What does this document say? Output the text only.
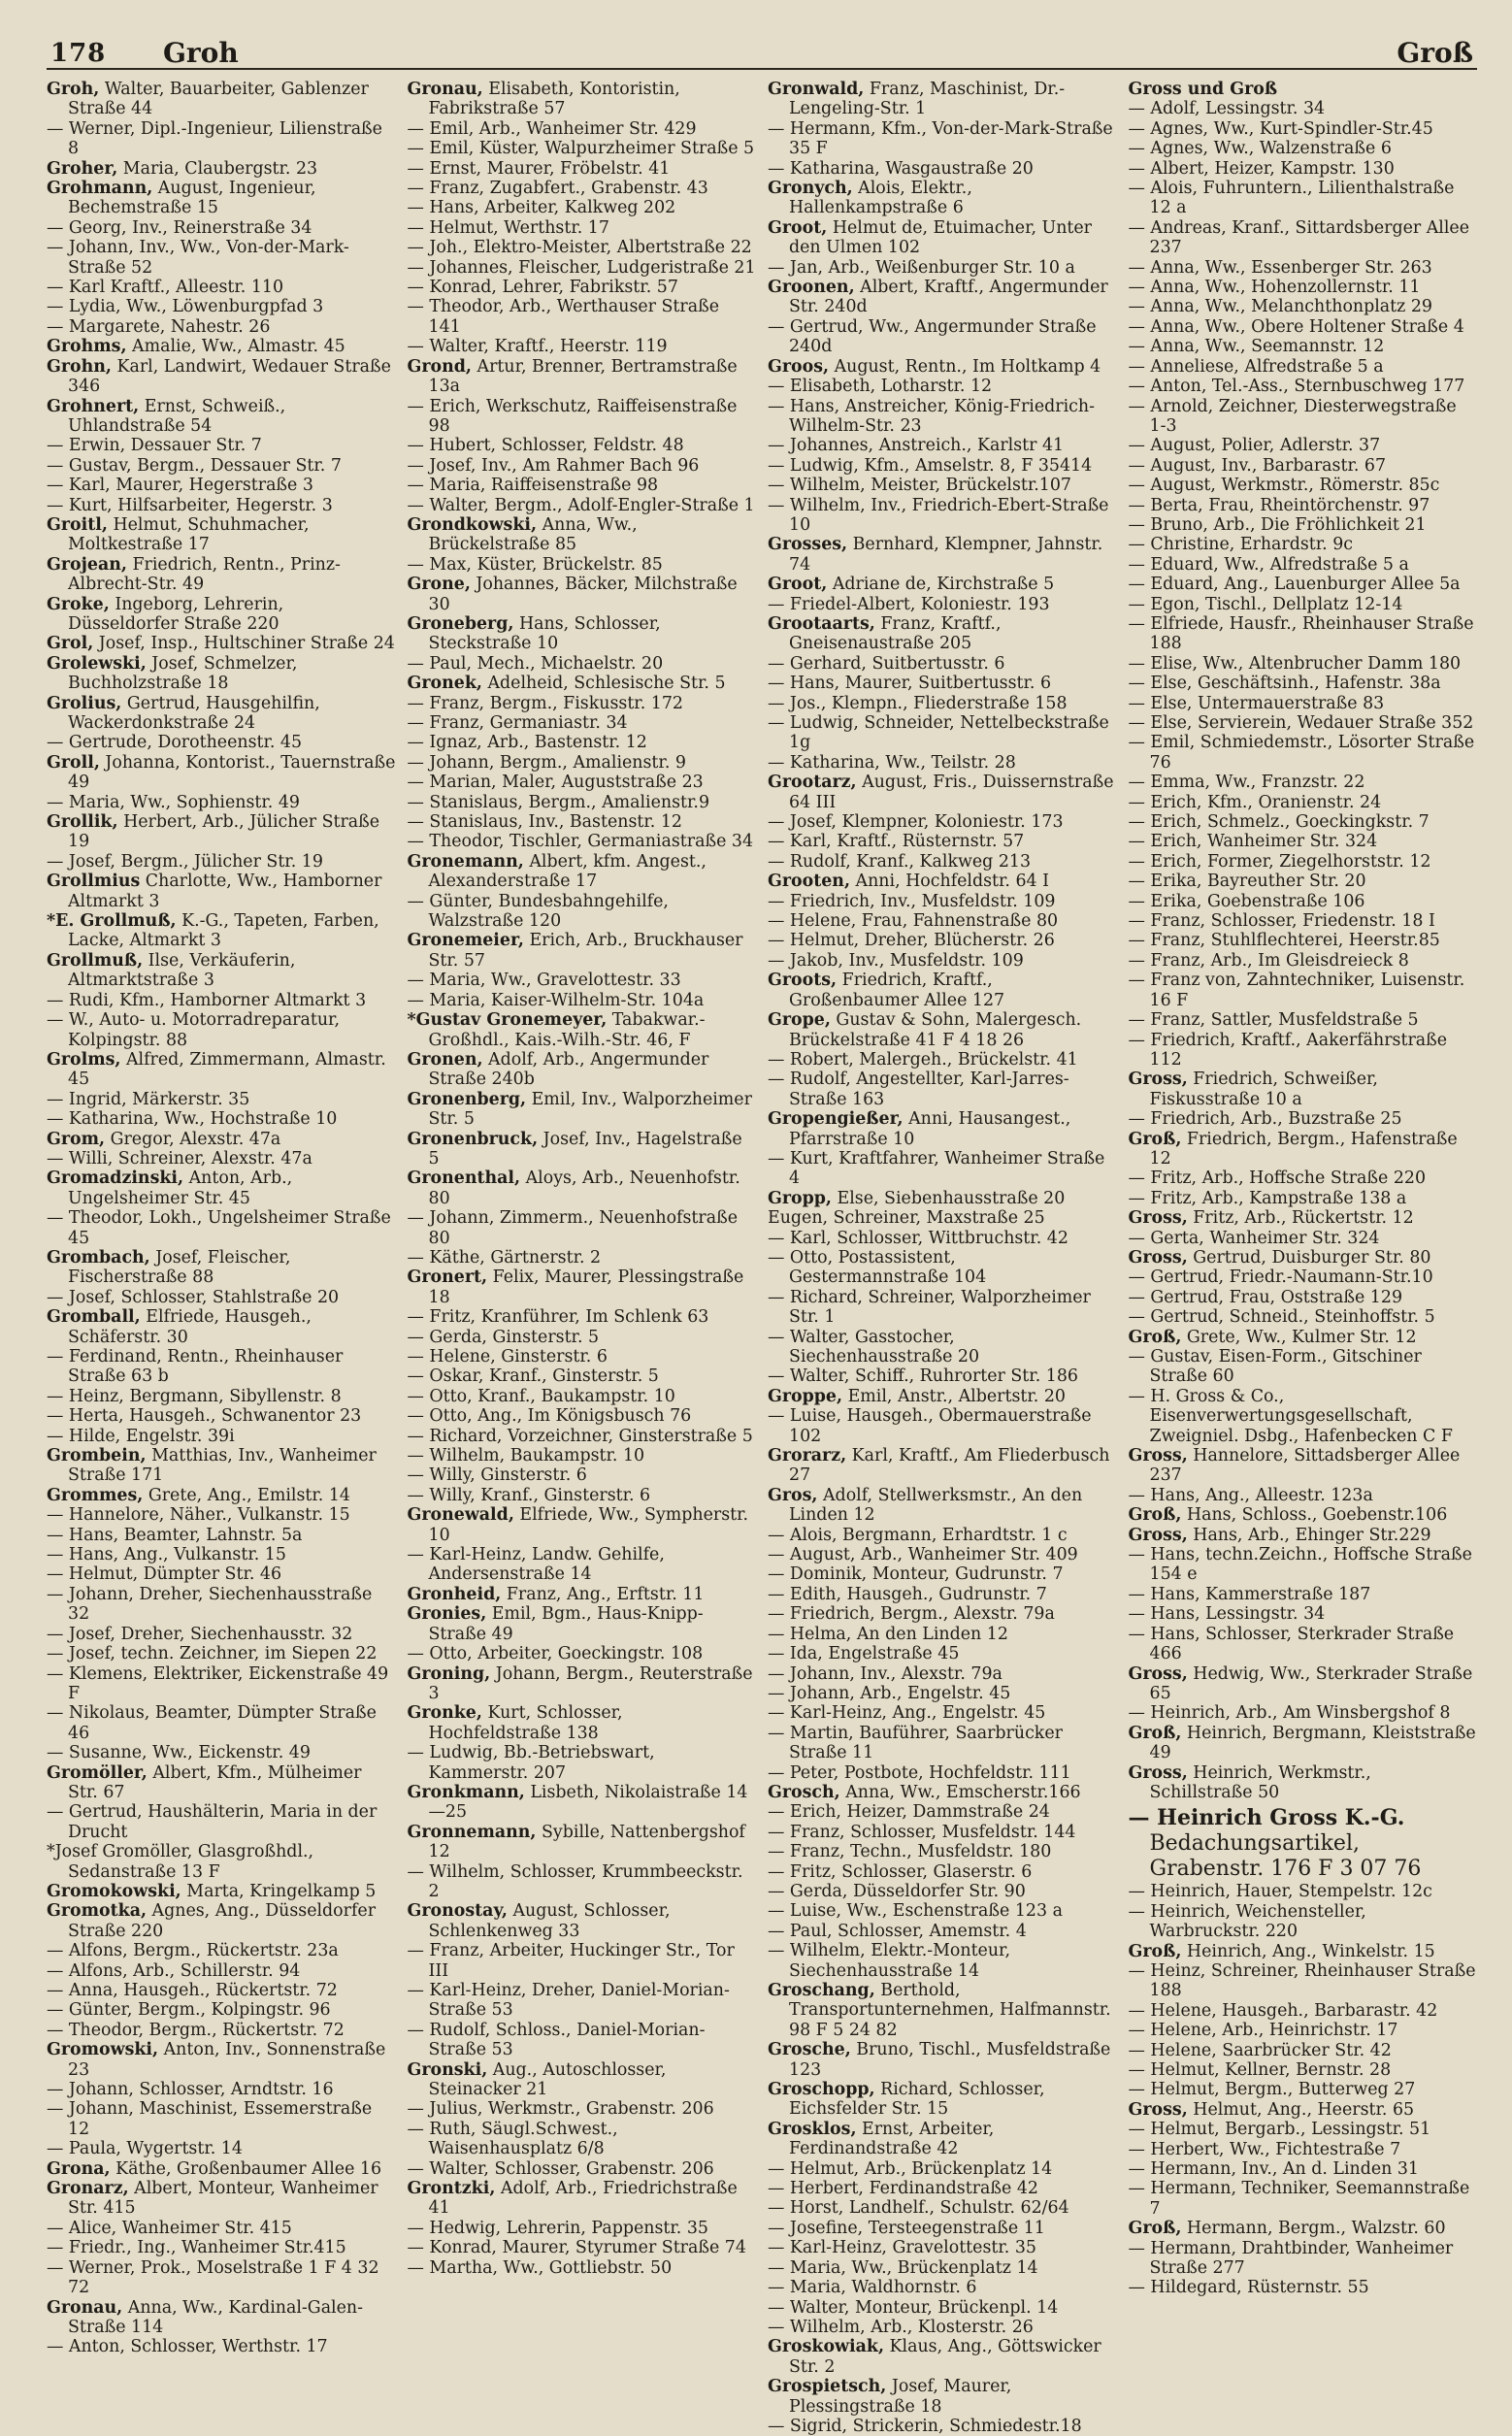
178 Groh	Groß
Groh, Walter, Bauarbeiter, Gablenzer Straße 44
— Werner, Dipl.-Ingenieur, Lilienstraße 8
Groher, Maria, Claubergstr. 23
Grohmann, August, Ingenieur, Bechemstraße 15
— Georg, Inv., Reinerstraße 34
— Johann, Inv., Ww., Von-der-Mark-Straße 52
— Karl Kraftf., Alleestr. 110
— Lydia, Ww., Löwenburgpfad 3
— Margarete, Nahestr. 26
Grohms, Amalie, Ww., Almastr. 45
Grohn, Karl, Landwirt, Wedauer Straße 346
Grohnert, Ernst, Schweiß., Uhlandstraße 54
— Erwin, Dessauer Str. 7
— Gustav, Bergm., Dessauer Str. 7
— Karl, Maurer, Hegerstraße 3
— Kurt, Hilfsarbeiter, Hegerstr. 3
Groitl, Helmut, Schuhmacher, Moltkestraße 17
Grojean, Friedrich, Rentn., Prinz-Albrecht-Str. 49
Groke, Ingeborg, Lehrerin, Düsseldorfer Straße 220
Grol, Josef, Insp., Hultschiner Straße 24
Grolewski, Josef, Schmelzer, Buchholzstraße 18
Grolius, Gertrud, Hausgehilfin, Wackerdonkstraße 24
— Gertrude, Dorotheenstr. 45
Groll, Johanna, Kontorist., Tauernstraße 49
— Maria, Ww., Sophienstr. 49
Grollik, Herbert, Arb., Jülicher Straße 19
— Josef, Bergm., Jülicher Str. 19
Grollmius Charlotte, Ww., Hamborner Altmarkt 3
*E. Grollmuß, K.-G., Tapeten, Farben, Lacke, Altmarkt 3
Grollmuß, Ilse, Verkäuferin, Altmarktstraße 3
— Rudi, Kfm., Hamborner Altmarkt 3
— W., Auto- u. Motorradreparatur, Kolpingstr. 88
Grolms, Alfred, Zimmermann, Almastr. 45
— Ingrid, Märkerstr. 35
— Katharina, Ww., Hochstraße 10
Grom, Gregor, Alexstr. 47a
— Willi, Schreiner, Alexstr. 47a
Gromadzinski, Anton, Arb., Ungelsheimer Str. 45
— Theodor, Lokh., Ungelsheimer Straße 45
Grombach, Josef, Fleischer, Fischerstraße 88
— Josef, Schlosser, Stahlstraße 20
Gromball, Elfriede, Hausgeh., Schäferstr. 30
— Ferdinand, Rentn., Rheinhauser Straße 63 b
— Heinz, Bergmann, Sibyllenstr. 8
— Herta, Hausgeh., Schwanentor 23
— Hilde, Engelstr. 39i
Grombein, Matthias, Inv., Wanheimer Straße 171
Grommes, Grete, Ang., Emilstr. 14
— Hannelore, Näher., Vulkanstr. 15
— Hans, Beamter, Lahnstr. 5a
— Hans, Ang., Vulkanstr. 15
— Helmut, Dümpter Str. 46
— Johann, Dreher, Siechenhausstraße 32
— Josef, Dreher, Siechenhausstr. 32
— Josef, techn. Zeichner, im Siepen 22
— Klemens, Elektriker, Eickenstraße 49 F
— Nikolaus, Beamter, Dümpter Straße 46
— Susanne, Ww., Eickenstr. 49
Gromöller, Albert, Kfm., Mülheimer Str. 67
— Gertrud, Haushälterin, Maria in der Drucht
*Josef Gromöller, Glasgroßhdl., Sedanstraße 13 F
Gromokowski, Marta, Kringelkamp 5
Gromotka, Agnes, Ang., Düsseldorfer Straße 220
— Alfons, Bergm., Rückertstr. 23a
— Alfons, Arb., Schillerstr. 94
— Anna, Hausgeh., Rückertstr. 72
— Günter, Bergm., Kolpingstr. 96
— Theodor, Bergm., Rückertstr. 72
Gromowski, Anton, Inv., Sonnenstraße 23
— Johann, Schlosser, Arndtstr. 16
— Johann, Maschinist, Essemerstraße 12
— Paula, Wygertstr. 14
Grona, Käthe, Großenbaumer Allee 16
Gronarz, Albert, Monteur, Wanheimer Str. 415
— Alice, Wanheimer Str. 415
— Friedr., Ing., Wanheimer Str.415
— Werner, Prok., Moselstraße 1 F 4 32 72
Gronau, Anna, Ww., Kardinal-Galen-Straße 114
— Anton, Schlosser, Werthstr. 17
Gronau, Elisabeth, Kontoristin, Fabrikstraße 57
— Emil, Arb., Wanheimer Str. 429
— Emil, Küster, Walpurzheimer Straße 5
— Ernst, Maurer, Fröbelstr. 41
— Franz, Zugabfert., Grabenstr. 43
— Hans, Arbeiter, Kalkweg 202
— Helmut, Werthstr. 17
— Joh., Elektro-Meister, Albertstraße 22
— Johannes, Fleischer, Ludgeristraße 21
— Konrad, Lehrer, Fabrikstr. 57
— Theodor, Arb., Werthauser Straße 141
— Walter, Kraftf., Heerstr. 119
Grond, Artur, Brenner, Bertramstraße 13a
— Erich, Werkschutz, Raiffeisenstraße 98
— Hubert, Schlosser, Feldstr. 48
— Josef, Inv., Am Rahmer Bach 96
— Maria, Raiffeisenstraße 98
— Walter, Bergm., Adolf-Engler-Straße 1
Grondkowski, Anna, Ww., Brückelstraße 85
— Max, Küster, Brückelstr. 85
Grone, Johannes, Bäcker, Milchstraße 30
Groneberg, Hans, Schlosser, Steckstraße 10
— Paul, Mech., Michaelstr. 20
Gronek, Adelheid, Schlesische Str. 5
— Franz, Bergm., Fiskusstr. 172
— Franz, Germaniastr. 34
— Ignaz, Arb., Bastenstr. 12
— Johann, Bergm., Amalienstr. 9
— Marian, Maler, Auguststraße 23
— Stanislaus, Bergm., Amalienstr.9
— Stanislaus, Inv., Bastenstr. 12
— Theodor, Tischler, Germaniastraße 34
Gronemann, Albert, kfm. Angest., Alexanderstraße 17
— Günter, Bundesbahngehilfe, Walzstraße 120
Gronemeier, Erich, Arb., Bruckhauser Str. 57
— Maria, Ww., Gravelottestr. 33
— Maria, Kaiser-Wilhelm-Str. 104a
*Gustav Gronemeyer, Tabakwar.-Großhdl., Kais.-Wilh.-Str. 46, F
Gronen, Adolf, Arb., Angermunder Straße 240b
Gronenberg, Emil, Inv., Walporzheimer Str. 5
Gronenbruck, Josef, Inv., Hagelstraße 5
Gronenthal, Aloys, Arb., Neuenhofstr. 80
— Johann, Zimmerm., Neuenhofstraße 80
— Käthe, Gärtnerstr. 2
Gronert, Felix, Maurer, Plessingstraße 18
— Fritz, Kranführer, Im Schlenk 63
— Gerda, Ginsterstr. 5
— Helene, Ginsterstr. 6
— Oskar, Kranf., Ginsterstr. 5
— Otto, Kranf., Baukampstr. 10
— Otto, Ang., Im Königsbusch 76
— Richard, Vorzeichner, Ginsterstraße 5
— Wilhelm, Baukampstr. 10
— Willy, Ginsterstr. 6
— Willy, Kranf., Ginsterstr. 6
Gronewald, Elfriede, Ww., Sympherstr. 10
— Karl-Heinz, Landw. Gehilfe, Andersenstraße 14
Gronheid, Franz, Ang., Erftstr. 11
Gronies, Emil, Bgm., Haus-Knipp-Straße 49
— Otto, Arbeiter, Goeckingstr. 108
Groning, Johann, Bergm., Reuterstraße 3
Gronke, Kurt, Schlosser, Hochfeldstraße 138
— Ludwig, Bb.-Betriebswart, Kammerstr. 207
Gronkmann, Lisbeth, Nikolaistraße 14—25
Gronnemann, Sybille, Nattenbergshof 12
— Wilhelm, Schlosser, Krummbeeckstr. 2
Gronostay, August, Schlosser, Schlenkenweg 33
— Franz, Arbeiter, Huckinger Str., Tor III
— Karl-Heinz, Dreher, Daniel-Morian-Straße 53
— Rudolf, Schloss., Daniel-Morian-Straße 53
Gronski, Aug., Autoschlosser, Steinacker 21
— Julius, Werkmstr., Grabenstr. 206
— Ruth, Säugl.Schwest., Waisenhausplatz 6/8
— Walter, Schlosser, Grabenstr. 206
Grontzki, Adolf, Arb., Friedrichstraße 41
— Hedwig, Lehrerin, Pappenstr. 35
— Konrad, Maurer, Styrumer Straße 74
— Martha, Ww., Gottliebstr. 50
Gronwald, Franz, Maschinist, Dr.-Lengeling-Str. 1
— Hermann, Kfm., Von-der-Mark-Straße 35 F
— Katharina, Wasgaustraße 20
Gronych, Alois, Elektr., Hallenkampstraße 6
Groot, Helmut de, Etuimacher, Unter den Ulmen 102
— Jan, Arb., Weißenburger Str. 10 a
Groonen, Albert, Kraftf., Angermunder Str. 240d
— Gertrud, Ww., Angermunder Straße 240d
Groos, August, Rentn., Im Holtkamp 4
— Elisabeth, Lotharstr. 12
— Hans, Anstreicher, König-Friedrich-Wilhelm-Str. 23
— Johannes, Anstreich., Karlstr 41
— Ludwig, Kfm., Amselstr. 8, F 35414
— Wilhelm, Meister, Brückelstr.107
— Wilhelm, Inv., Friedrich-Ebert-Straße 10
Grosses, Bernhard, Klempner, Jahnstr. 74
Groot, Adriane de, Kirchstraße 5
— Friedel-Albert, Koloniestr. 193
Grootaarts, Franz, Kraftf., Gneisenaustraße 205
— Gerhard, Suitbertusstr. 6
— Hans, Maurer, Suitbertusstr. 6
— Jos., Klempn., Fliederstraße 158
— Ludwig, Schneider, Nettelbeckstraße 1g
— Katharina, Ww., Teilstr. 28
Grootarz, August, Fris., Duissernstraße 64 III
— Josef, Klempner, Koloniestr. 173
— Karl, Kraftf., Rüsternstr. 57
— Rudolf, Kranf., Kalkweg 213
Grooten, Anni, Hochfeldstr. 64 I
— Friedrich, Inv., Musfeldstr. 109
— Helene, Frau, Fahnenstraße 80
— Helmut, Dreher, Blücherstr. 26
— Jakob, Inv., Musfeldstr. 109
Groots, Friedrich, Kraftf., Großenbaumer Allee 127
Grope, Gustav & Sohn, Malergesch. Brückelstraße 41 F 4 18 26
— Robert, Malergeh., Brückelstr. 41
— Rudolf, Angestellter, Karl-Jarres-Straße 163
Gropengießer, Anni, Hausangest., Pfarrstraße 10
— Kurt, Kraftfahrer, Wanheimer Straße 4
Gropp, Else, Siebenhausstraße 20
Eugen, Schreiner, Maxstraße 25
— Karl, Schlosser, Wittbruchstr. 42
— Otto, Postassistent, Gestermannstraße 104
— Richard, Schreiner, Walporzheimer Str. 1
— Walter, Gasstocher, Siechenhausstraße 20
— Walter, Schiff., Ruhrorter Str. 186
Groppe, Emil, Anstr., Albertstr. 20
— Luise, Hausgeh., Obermauerstraße 102
Grorarz, Karl, Kraftf., Am Fliederbusch 27
Gros, Adolf, Stellwerksmstr., An den Linden 12
— Alois, Bergmann, Erhardtstr. 1 c
— August, Arb., Wanheimer Str. 409
— Dominik, Monteur, Gudrunstr. 7
— Edith, Hausgeh., Gudrunstr. 7
— Friedrich, Bergm., Alexstr. 79a
— Helma, An den Linden 12
— Ida, Engelstraße 45
— Johann, Inv., Alexstr. 79a
— Johann, Arb., Engelstr. 45
— Karl-Heinz, Ang., Engelstr. 45
— Martin, Bauführer, Saarbrücker Straße 11
— Peter, Postbote, Hochfeldstr. 111
Grosch, Anna, Ww., Emscherstr.166
— Erich, Heizer, Dammstraße 24
— Franz, Schlosser, Musfeldstr. 144
— Franz, Techn., Musfeldstr. 180
— Fritz, Schlosser, Glaserstr. 6
— Gerda, Düsseldorfer Str. 90
— Luise, Ww., Eschenstraße 123 a
— Paul, Schlosser, Amemstr. 4
— Wilhelm, Elektr.-Monteur, Siechenhausstraße 14
Groschang, Berthold, Transportunternehmen, Halfmannstr. 98 F 5 24 82
Grosche, Bruno, Tischl., Musfeldstraße 123
Groschopp, Richard, Schlosser, Eichsfelder Str. 15
Grosklos, Ernst, Arbeiter, Ferdinandstraße 42
— Helmut, Arb., Brückenplatz 14
— Herbert, Ferdinandstraße 42
— Horst, Landhelf., Schulstr. 62/64
— Josefine, Tersteegenstraße 11
— Karl-Heinz, Gravelottestr. 35
— Maria, Ww., Brückenplatz 14
— Maria, Waldhornstr. 6
— Walter, Monteur, Brückenpl. 14
— Wilhelm, Arb., Klosterstr. 26
Groskowiak, Klaus, Ang., Göttswicker Str. 2
Grospietsch, Josef, Maurer, Plessingstraße 18
— Sigrid, Strickerin, Schmiedestr.18
Gross und Groß
— Adolf, Lessingstr. 34
— Agnes, Ww., Kurt-Spindler-Str.45
— Agnes, Ww., Walzenstraße 6
— Albert, Heizer, Kampstr. 130
— Alois, Fuhruntern., Lilienthalstraße 12 a
— Andreas, Kranf., Sittardsberger Allee 237
— Anna, Ww., Essenberger Str. 263
— Anna, Ww., Hohenzollernstr. 11
— Anna, Ww., Melanchthonplatz 29
— Anna, Ww., Obere Holtener Straße 4
— Anna, Ww., Seemannstr. 12
— Anneliese, Alfredstraße 5 a
— Anton, Tel.-Ass., Sternbuschweg 177
— Arnold, Zeichner, Diesterwegstraße 1-3
— August, Polier, Adlerstr. 37
— August, Inv., Barbarastr. 67
— August, Werkmstr., Römerstr. 85c
— Berta, Frau, Rheintörchenstr. 97
— Bruno, Arb., Die Fröhlichkeit 21
— Christine, Erhardstr. 9c
— Eduard, Ww., Alfredstraße 5 a
— Eduard, Ang., Lauenburger Allee 5a
— Egon, Tischl., Dellplatz 12-14
— Elfriede, Hausfr., Rheinhauser Straße 188
— Elise, Ww., Altenbrucher Damm 180
— Else, Geschäftsinh., Hafenstr. 38a
— Else, Untermauerstraße 83
— Else, Servierein, Wedauer Straße 352
— Emil, Schmiedemstr., Lösorter Straße 76
— Emma, Ww., Franzstr. 22
— Erich, Kfm., Oranienstr. 24
— Erich, Schmelz., Goeckingkstr. 7
— Erich, Wanheimer Str. 324
— Erich, Former, Ziegelhorststr. 12
— Erika, Bayreuther Str. 20
— Erika, Goebenstraße 106
— Franz, Schlosser, Friedenstr. 18 I
— Franz, Stuhlflechterei, Heerstr.85
— Franz, Arb., Im Gleisdreieck 8
— Franz von, Zahntechniker, Luisenstr. 16 F
— Franz, Sattler, Musfeldstraße 5
— Friedrich, Kraftf., Aakerfährstraße 112
Gross, Friedrich, Schweißer, Fiskusstraße 10 a
— Friedrich, Arb., Buzstraße 25
Groß, Friedrich, Bergm., Hafenstraße 12
— Fritz, Arb., Hoffsche Straße 220
— Fritz, Arb., Kampstraße 138 a
Gross, Fritz, Arb., Rückertstr. 12
— Gerta, Wanheimer Str. 324
Gross, Gertrud, Duisburger Str. 80
— Gertrud, Friedr.-Naumann-Str.10
— Gertrud, Frau, Oststraße 129
— Gertrud, Schneid., Steinhoffstr. 5
Groß, Grete, Ww., Kulmer Str. 12
— Gustav, Eisen-Form., Gitschiner Straße 60
— H. Gross & Co., Eisenverwertungsgesellschaft, Zweigniel. Dsbg., Hafenbecken C F
Gross, Hannelore, Sittadsberger Allee 237
— Hans, Ang., Alleestr. 123a
Groß, Hans, Schloss., Goebenstr.106
Gross, Hans, Arb., Ehinger Str.229
— Hans, techn.Zeichn., Hoffsche Straße 154 e
— Hans, Kammerstraße 187
— Hans, Lessingstr. 34
— Hans, Schlosser, Sterkrader Straße 466
Gross, Hedwig, Ww., Sterkrader Straße 65
— Heinrich, Arb., Am Winsbergshof 8
Groß, Heinrich, Bergmann, Kleiststraße 49
Gross, Heinrich, Werkmstr., Schillstraße 50
— Heinrich Gross K.-G. Bedachungsartikel, Grabenstr. 176 F 3 07 76
— Heinrich, Hauer, Stempelstr. 12c
— Heinrich, Weichensteller, Warbruckstr. 220
Groß, Heinrich, Ang., Winkelstr. 15
— Heinz, Schreiner, Rheinhauser Straße 188
— Helene, Hausgeh., Barbarastr. 42
— Helene, Arb., Heinrichstr. 17
— Helene, Saarbrücker Str. 42
— Helmut, Kellner, Bernstr. 28
— Helmut, Bergm., Butterweg 27
Gross, Helmut, Ang., Heerstr. 65
— Helmut, Bergarb., Lessingstr. 51
— Herbert, Ww., Fichtestraße 7
— Hermann, Inv., An d. Linden 31
— Hermann, Techniker, Seemannstraße 7
Groß, Hermann, Bergm., Walzstr. 60
— Hermann, Drahtbinder, Wanheimer Straße 277
— Hildegard, Rüsternstr. 55
